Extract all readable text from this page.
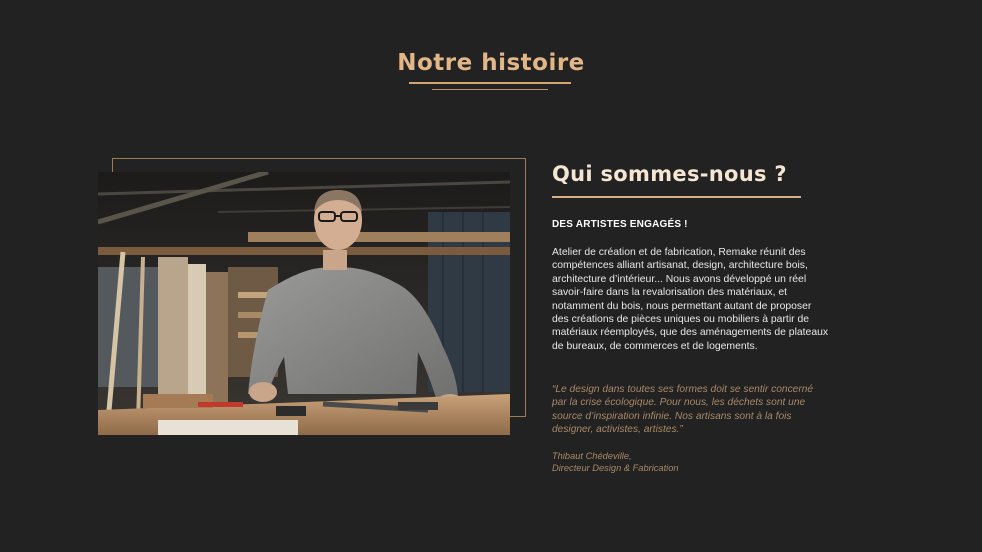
Notre histoire
Qui sommes-nous ?
DES ARTISTES ENGAGÉS !
Atelier de création et de fabrication, Remake réunit des
compétences alliant artisanat, design, architecture bois,
architecture d’intérieur... Nous avons développé un réel
savoir-faire dans la revalorisation des matériaux, et
notamment du bois, nous permettant autant de proposer
des créations de pièces uniques ou mobiliers à partir de
matériaux réemployés, que des aménagements de plateaux
de bureaux, de commerces et de logements.
“Le design dans toutes ses formes doit se sentir concerné
par la crise écologique. Pour nous, les déchets sont une
source d’inspiration infinie. Nos artisans sont à la fois
designer, activistes, artistes.”
Thibaut Chédeville,
Directeur Design & Fabrication
